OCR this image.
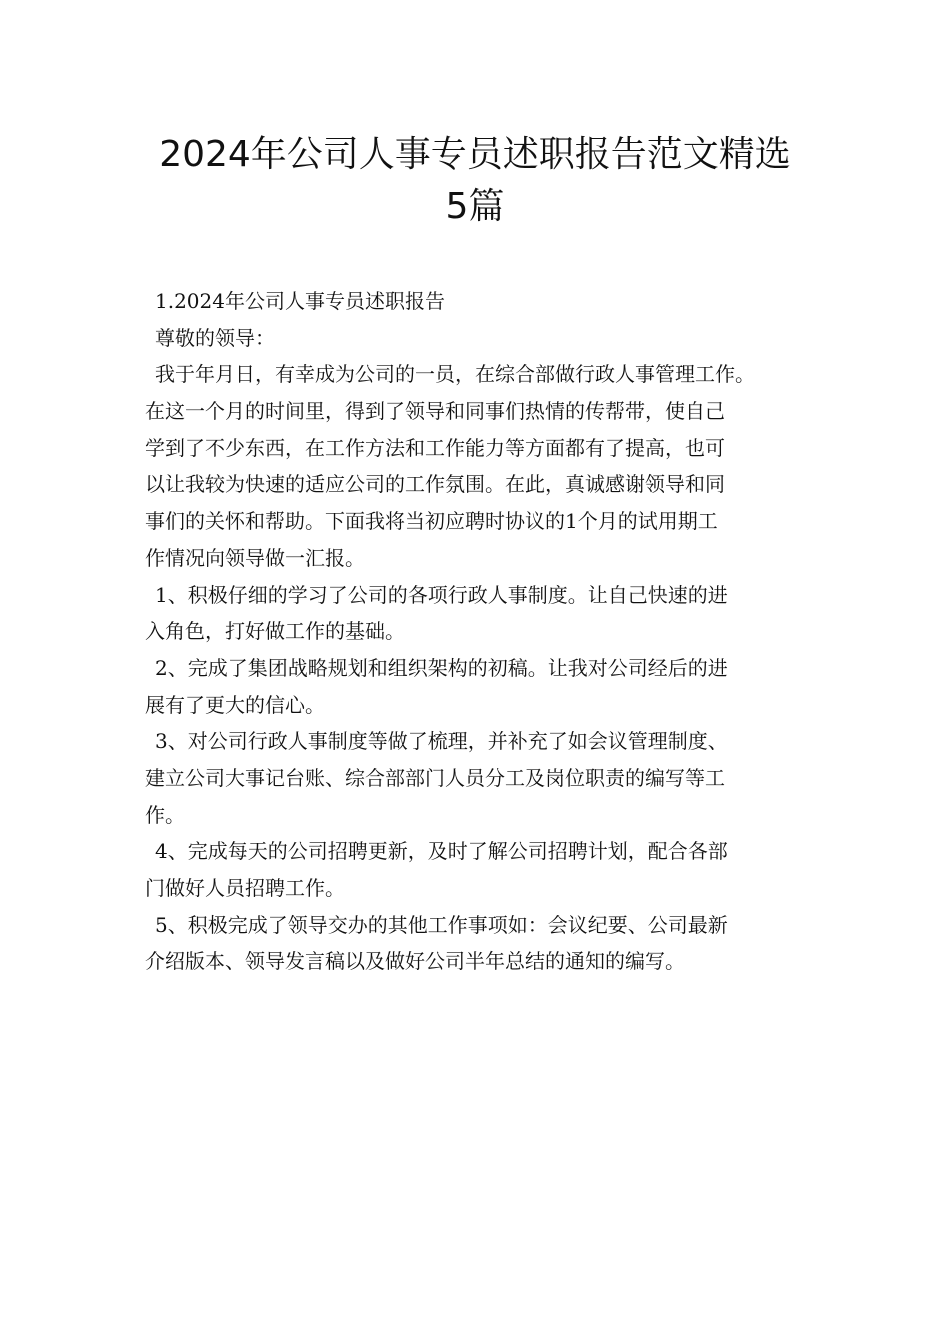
2024年公司人事专员述职报告范文精选
5篇
1.2024年公司人事专员述职报告
尊敬的领导：
我于年月日，有幸成为公司的一员，在综合部做行政人事管理工作。
在这一个月的时间里，得到了领导和同事们热情的传帮带，使自己
学到了不少东西，在工作方法和工作能力等方面都有了提高，也可
以让我较为快速的适应公司的工作氛围。在此，真诚感谢领导和同
事们的关怀和帮助。下面我将当初应聘时协议的1个月的试用期工
作情况向领导做一汇报。
1、积极仔细的学习了公司的各项行政人事制度。让自己快速的进
入角色，打好做工作的基础。
2、完成了集团战略规划和组织架构的初稿。让我对公司经后的进
展有了更大的信心。
3、对公司行政人事制度等做了梳理，并补充了如会议管理制度、
建立公司大事记台账、综合部部门人员分工及岗位职责的编写等工
作。
4、完成每天的公司招聘更新，及时了解公司招聘计划，配合各部
门做好人员招聘工作。
5、积极完成了领导交办的其他工作事项如：会议纪要、公司最新
介绍版本、领导发言稿以及做好公司半年总结的通知的编写。
